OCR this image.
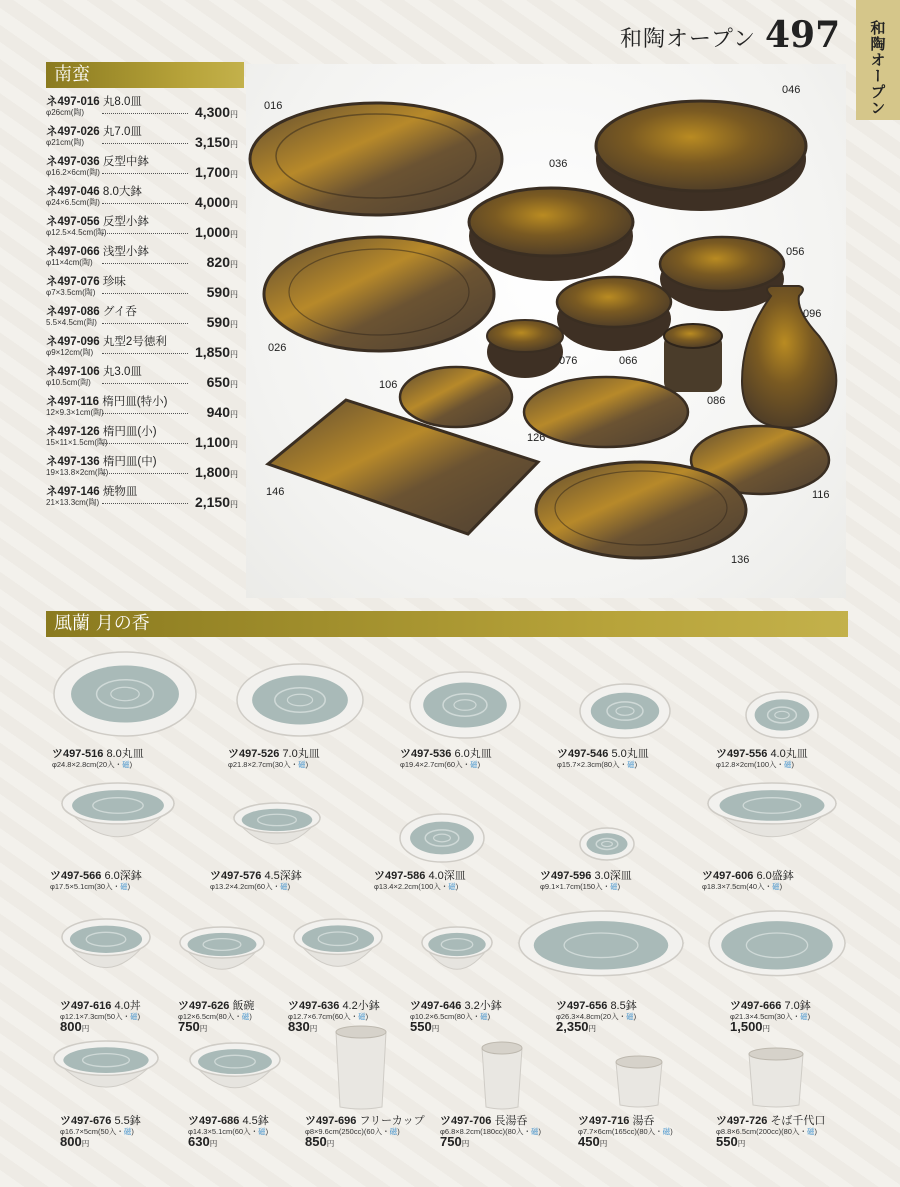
和陶オープン 497 和陶オープン
南蛮
ネ497-016 丸8.0皿
φ26cm(陶)	4,300円
ネ497-026 丸7.0皿
φ21cm(陶)	3,150円
ネ497-036 反型中鉢
φ16.2×6cm(陶)	1,700円
ネ497-046 8.0大鉢
φ24×6.5cm(陶)	4,000円
ネ497-056 反型小鉢
φ12.5×4.5cm(陶)	1,000円
ネ497-066 浅型小鉢
φ11×4cm(陶)	820円
ネ497-076 珍味
φ7×3.5cm(陶)	590円
ネ497-086 グイ呑
5.5×4.5cm(陶)	590円
ネ497-096 丸型2号徳利
φ9×12cm(陶)	1,850円
ネ497-106 丸3.0皿
φ10.5cm(陶)	650円
ネ497-116 楕円皿(特小)
12×9.3×1cm(陶)	940円
ネ497-126 楕円皿(小)
15×11×1.5cm(陶)	1,100円
ネ497-136 楕円皿(中)
19×13.8×2cm(陶)	1,800円
ネ497-146 焼物皿
21×13.3cm(陶)	2,150円
016
046
036
056
096
026
076	066
106
086
126
116
146
136
風蘭 月の香
ツ497-516 8.0丸皿
φ24.8×2.8cm(20入・磁)
ツ497-526 7.0丸皿
φ21.8×2.7cm(30入・磁)
ツ497-536 6.0丸皿
φ19.4×2.7cm(60入・磁)
ツ497-546 5.0丸皿
φ15.7×2.3cm(80入・磁)
ツ497-556 4.0丸皿
φ12.8×2cm(100入・磁)
ツ497-566 6.0深鉢
φ17.5×5.1cm(30入・磁)
ツ497-576 4.5深鉢
φ13.2×4.2cm(60入・磁)
ツ497-586 4.0深皿
φ13.4×2.2cm(100入・磁)
ツ497-596 3.0深皿
φ9.1×1.7cm(150入・磁)
ツ497-606 6.0盛鉢
φ18.3×7.5cm(40入・磁)
ツ497-616 4.0丼
φ12.1×7.3cm(50入・磁)
800円
ツ497-626 飯碗
φ12×6.5cm(80入・磁)
750円
ツ497-636 4.2小鉢
φ12.7×6.7cm(60入・磁)
830円
ツ497-646 3.2小鉢
φ10.2×6.5cm(80入・磁)
550円
ツ497-656 8.5鉢
φ26.3×4.8cm(20入・磁)
2,350円
ツ497-666 7.0鉢
φ21.3×4.5cm(30入・磁)
1,500円
ツ497-676 5.5鉢
φ16.7×5cm(50入・磁)
800円
ツ497-686 4.5鉢
φ14.3×5.1cm(60入・磁)
630円
ツ497-696 フリーカップ
φ8×9.6cm(250cc)(60入・磁)
850円
ツ497-706 長湯呑
φ6.8×8.2cm(180cc)(80入・磁)
750円
ツ497-716 湯呑
φ7.7×6cm(165cc)(80入・磁)
450円
ツ497-726 そば千代口
φ8.8×6.5cm(200cc)(80入・磁)
550円
